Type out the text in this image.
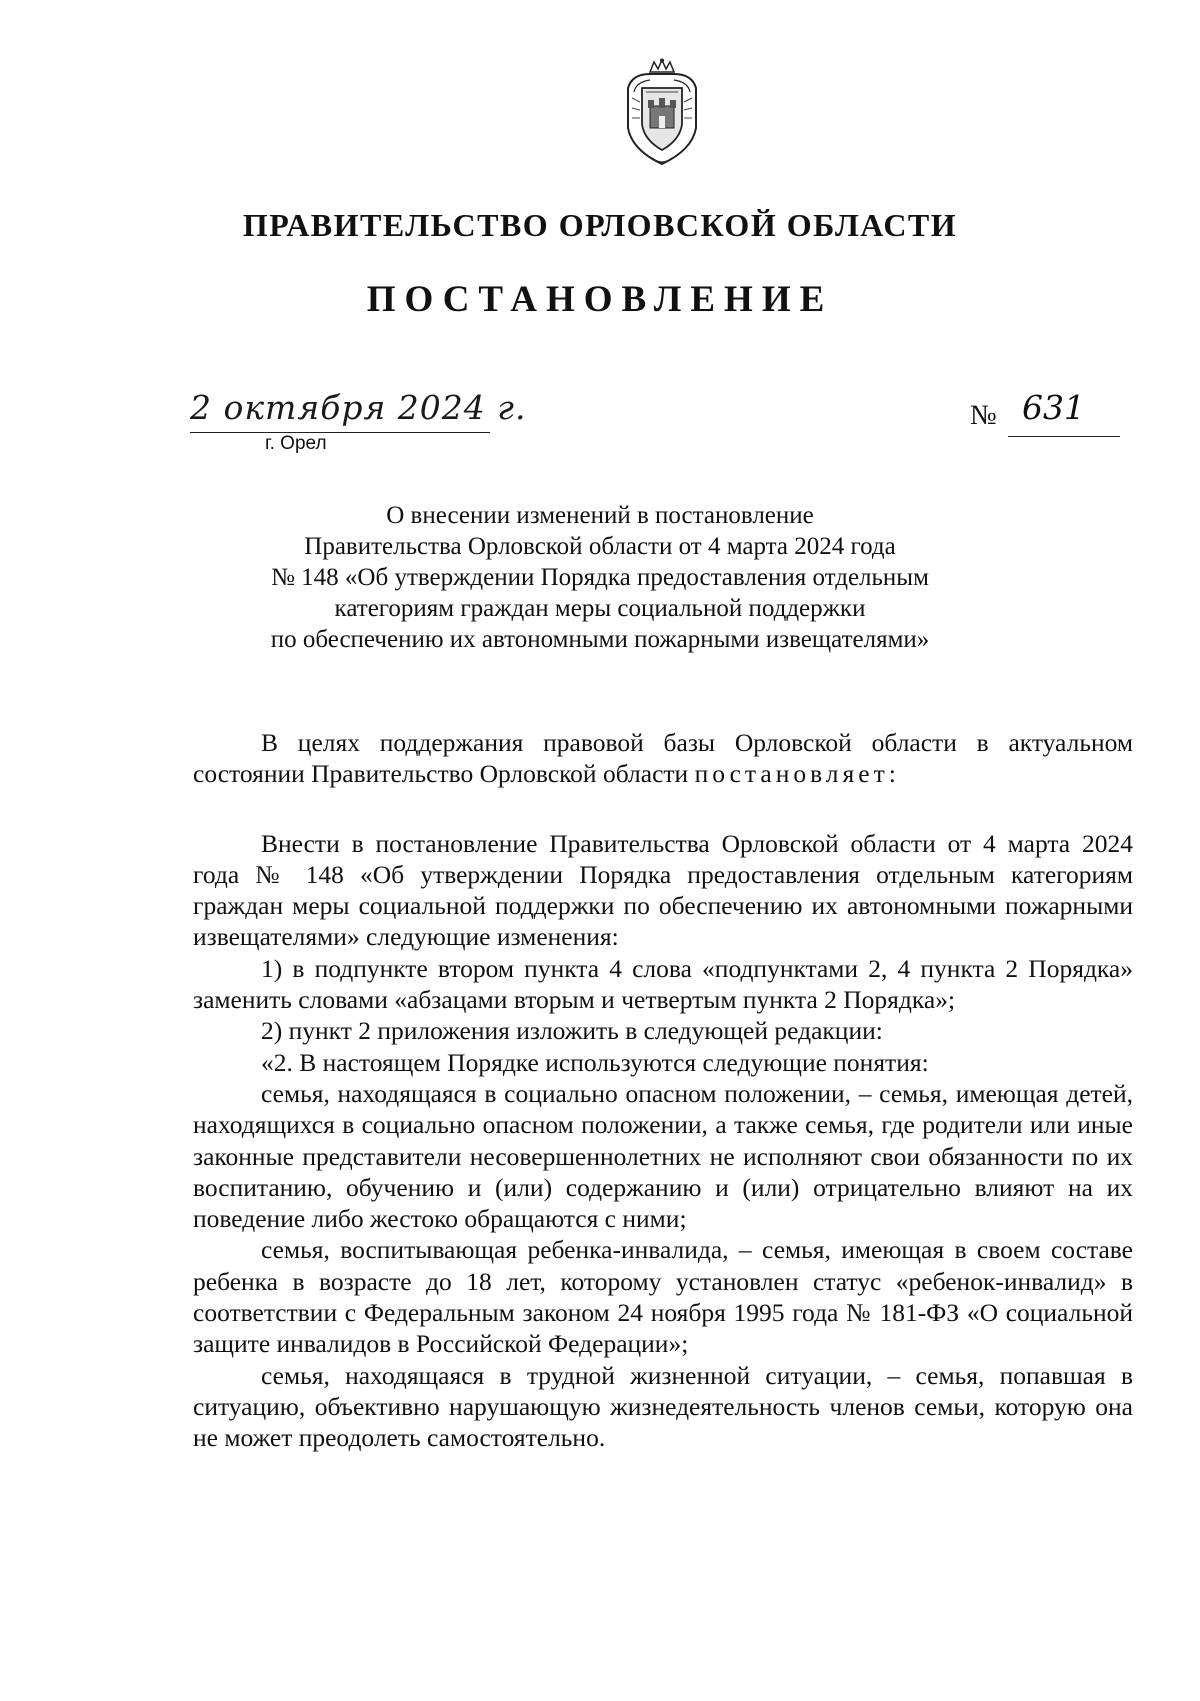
ПРАВИТЕЛЬСТВО ОРЛОВСКОЙ ОБЛАСТИ
ПОСТАНОВЛЕНИЕ
2 октября 2024 г.
г. Орел
№ 631
О внесении изменений в постановление
Правительства Орловской области от 4 марта 2024 года
№ 148 «Об утверждении Порядка предоставления отдельным
категориям граждан меры социальной поддержки
по обеспечению их автономными пожарными извещателями»

В целях поддержания правовой базы Орловской области в актуальном состоянии Правительство Орловской области постановляет:

Внести в постановление Правительства Орловской области от 4 марта 2024 года № 148 «Об утверждении Порядка предоставления отдельным категориям граждан меры социальной поддержки по обеспечению их автономными пожарными извещателями» следующие изменения:

1) в подпункте втором пункта 4 слова «подпунктами 2, 4 пункта 2 Порядка» заменить словами «абзацами вторым и четвертым пункта 2 Порядка»;

2) пункт 2 приложения изложить в следующей редакции:

«2. В настоящем Порядке используются следующие понятия:

семья, находящаяся в социально опасном положении, – семья, имеющая детей, находящихся в социально опасном положении, а также семья, где родители или иные законные представители несовершеннолетних не исполняют свои обязанности по их воспитанию, обучению и (или) содержанию и (или) отрицательно влияют на их поведение либо жестоко обращаются с ними;

семья, воспитывающая ребенка-инвалида, – семья, имеющая в своем составе ребенка в возрасте до 18 лет, которому установлен статус «ребенок-инвалид» в соответствии с Федеральным законом 24 ноября 1995 года № 181-ФЗ «О социальной защите инвалидов в Российской Федерации»;

семья, находящаяся в трудной жизненной ситуации, – семья, попавшая в ситуацию, объективно нарушающую жизнедеятельность членов семьи, которую она не может преодолеть самостоятельно.
